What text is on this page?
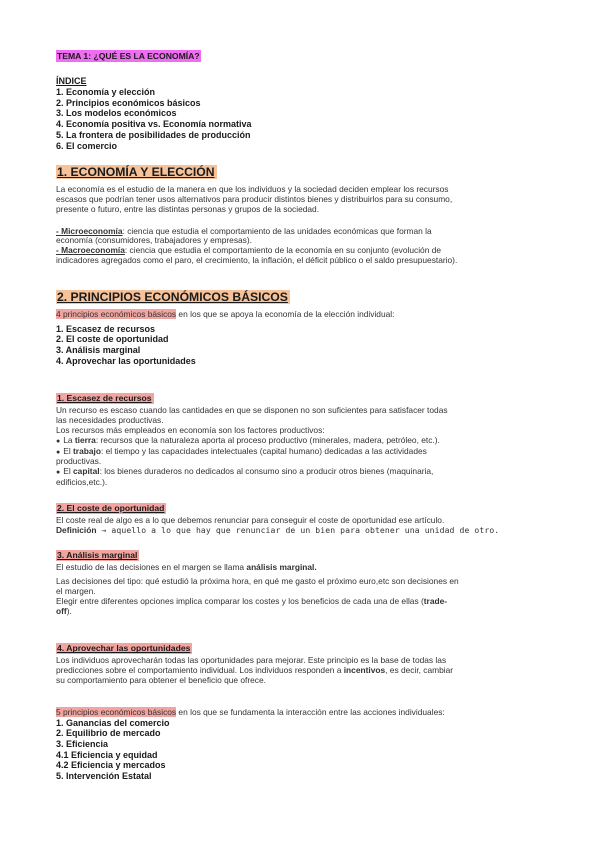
TEMA 1: ¿QUÉ ES LA ECONOMÍA?
ÍNDICE
1. Economía y elección
2. Principios económicos básicos
3. Los modelos económicos
4. Economía positiva vs. Economía normativa
5. La frontera de posibilidades de producción
6. El comercio
1. ECONOMÍA Y ELECCIÓN
La economía es el estudio de la manera en que los individuos y la sociedad deciden emplear los recursos
escasos que podrían tener usos alternativos para producir distintos bienes y distribuirlos para su consumo,
presente o futuro, entre las distintas personas y grupos de la sociedad.
- Microeconomía: ciencia que estudia el comportamiento de las unidades económicas que forman la
economía (consumidores, trabajadores y empresas).
- Macroeconomía: ciencia que estudia el comportamiento de la economía en su conjunto (evolución de
indicadores agregados como el paro, el crecimiento, la inflación, el déficit público o el saldo presupuestario).
2. PRINCIPIOS ECONÓMICOS BÁSICOS
4 principios económicos básicos en los que se apoya la economía de la elección individual:
1. Escasez de recursos
2. El coste de oportunidad
3. Análisis marginal
4. Aprovechar las oportunidades
1. Escasez de recursos
Un recurso es escaso cuando las cantidades en que se disponen no son suficientes para satisfacer todas
las necesidades productivas.
Los recursos más empleados en economía son los factores productivos:
● La tierra: recursos que la naturaleza aporta al proceso productivo (minerales, madera, petróleo, etc.).
● El trabajo: el tiempo y las capacidades intelectuales (capital humano) dedicadas a las actividades
productivas.
● El capital: los bienes duraderos no dedicados al consumo sino a producir otros bienes (maquinaria,
edificios,etc.).
2. El coste de oportunidad
El coste real de algo es a lo que debemos renunciar para conseguir el coste de oportunidad ese artículo.
Definición → aquello a lo que hay que renunciar de un bien para obtener una unidad de otro.
3. Análisis marginal
El estudio de las decisiones en el margen se llama análisis marginal.
Las decisiones del tipo: qué estudió la próxima hora, en qué me gasto el próximo euro,etc son decisiones en
el margen.
Elegir entre diferentes opciones implica comparar los costes y los beneficios de cada una de ellas (trade-
off).
4. Aprovechar las oportunidades
Los individuos aprovecharán todas las oportunidades para mejorar. Este principio es la base de todas las
predicciones sobre el comportamiento individual. Los individuos responden a incentivos, es decir, cambiar
su comportamiento para obtener el beneficio que ofrece.
5 principios económicos básicos en los que se fundamenta la interacción entre las acciones individuales:
1. Ganancias del comercio
2. Equilibrio de mercado
3. Eficiencia
4.1 Eficiencia y equidad
4.2 Eficiencia y mercados
5. Intervención Estatal
